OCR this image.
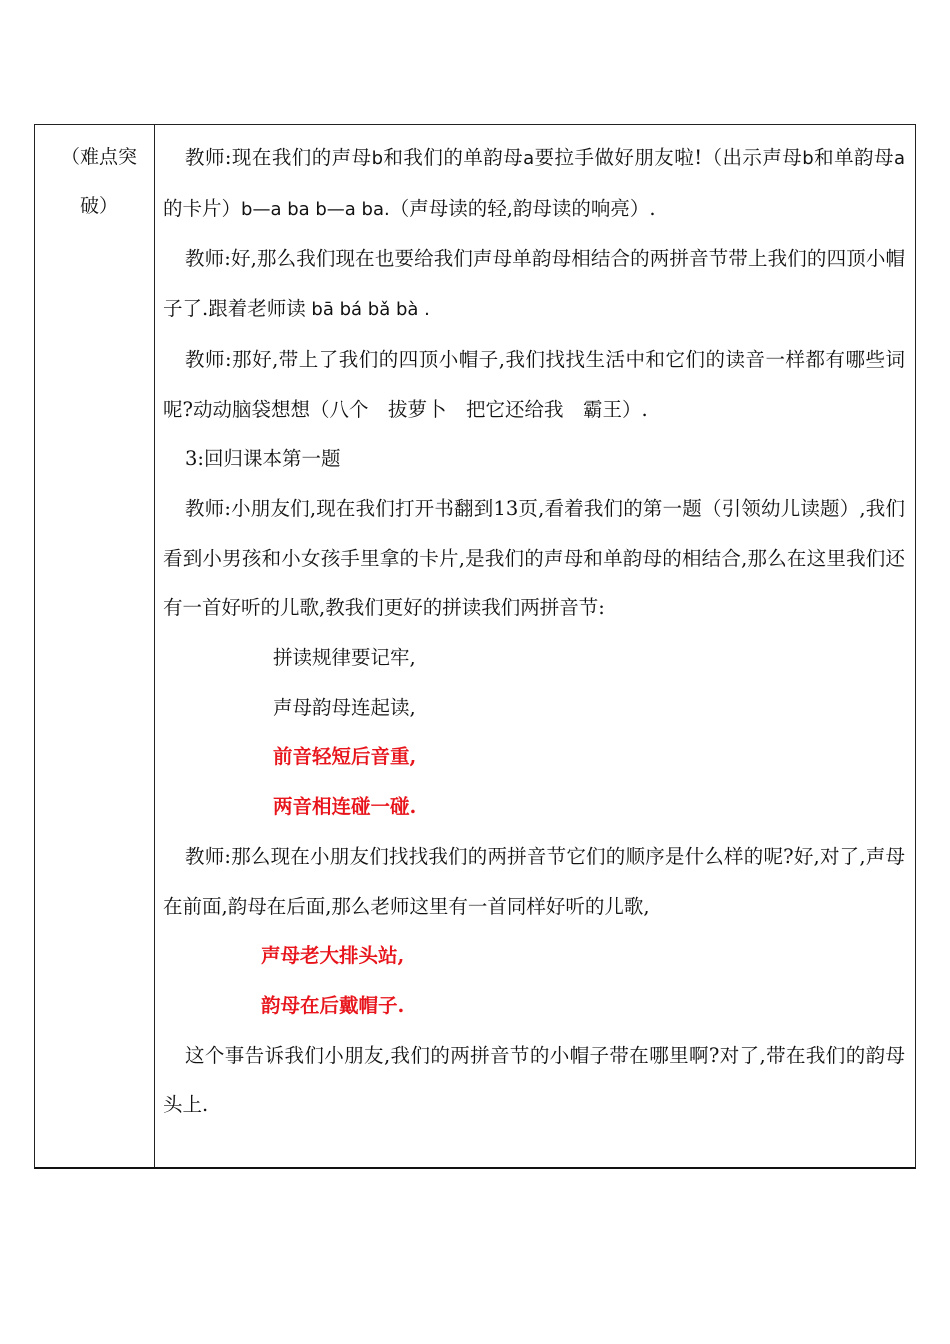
（难点突破）

教师:现在我们的声母b和我们的单韵母a要拉手做好朋友啦!（出示声母b和单韵母a的卡片）b—a ba b—a ba.（声母读的轻,韵母读的响亮）.

教师:好,那么我们现在也要给我们声母单韵母相结合的两拼音节带上我们的四顶小帽子了.跟着老师读 bā bá bǎ bà .

教师:那好,带上了我们的四顶小帽子,我们找找生活中和它们的读音一样都有哪些词呢?动动脑袋想想（八个　拔萝卜　把它还给我　霸王）.

3:回归课本第一题

教师:小朋友们,现在我们打开书翻到13页,看着我们的第一题（引领幼儿读题）,我们看到小男孩和小女孩手里拿的卡片,是我们的声母和单韵母的相结合,那么在这里我们还有一首好听的儿歌,教我们更好的拼读我们两拼音节:

拼读规律要记牢,
声母韵母连起读,
前音轻短后音重,
两音相连碰一碰.

教师:那么现在小朋友们找找我们的两拼音节它们的顺序是什么样的呢?好,对了,声母在前面,韵母在后面,那么老师这里有一首同样好听的儿歌,

声母老大排头站,
韵母在后戴帽子.

这个事告诉我们小朋友,我们的两拼音节的小帽子带在哪里啊?对了,带在我们的韵母头上.
